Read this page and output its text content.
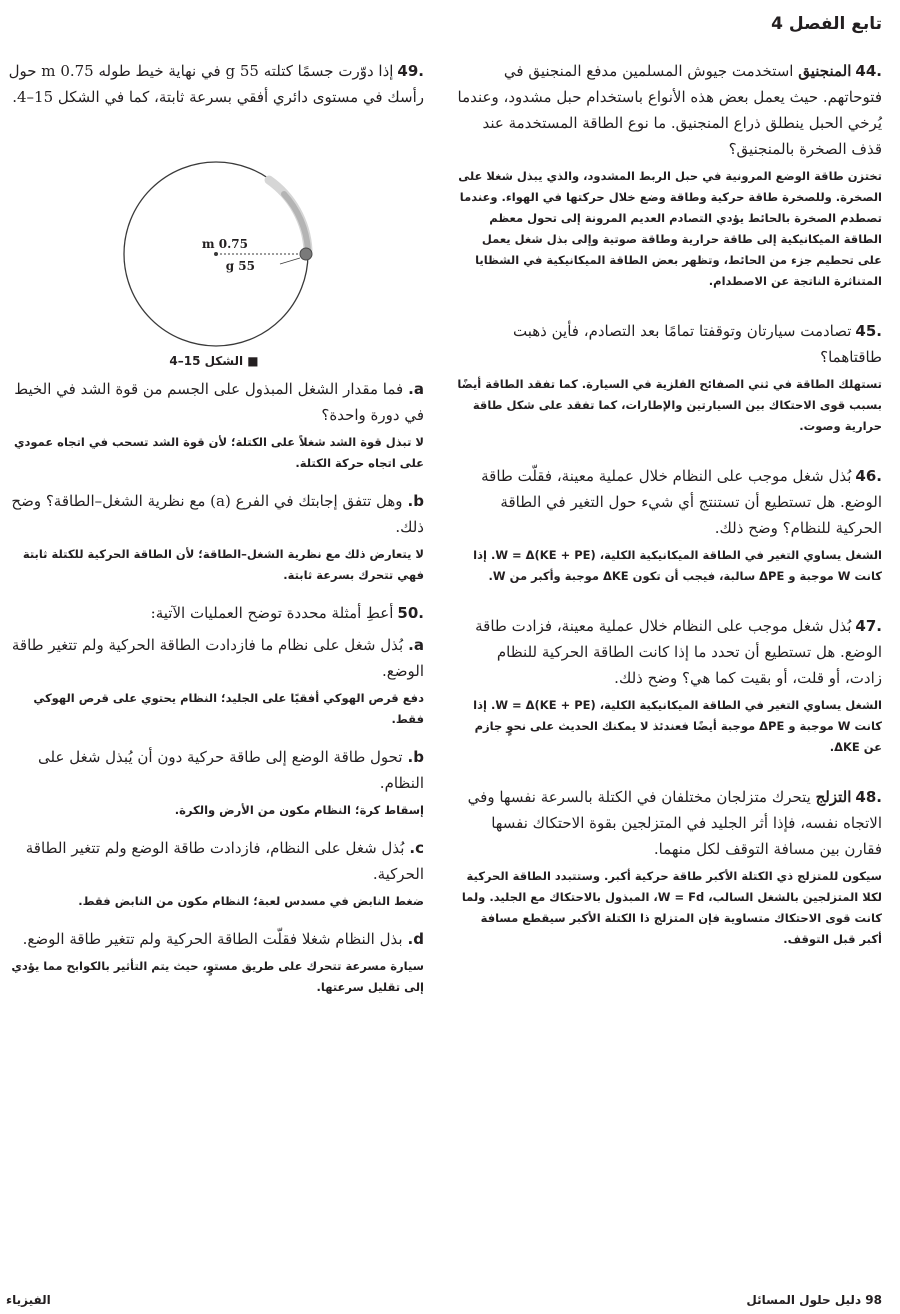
تابع الفصل 4

44.المنجنيق استخدمت جيوش المسلمين مدفع المنجنيق في فتوحاتهم. حيث يعمل بعض هذه الأنواع باستخدام حبل مشدود، وعندما يُرخي الحبل ينطلق ذراع المنجنيق. ما نوع الطاقة المستخدمة عند قذف الصخرة بالمنجنيق؟

تختزن طاقة الوضع المرونية في حبل الربط المشدود، والذي يبذل شغلا على الصخرة. وللصخرة طاقة حركية وطاقة وضع خلال حركتها في الهواء. وعندما تصطدم الصخرة بالحائط يؤدي التصادم العديم المرونة إلى تحول معظم الطاقة الميكانيكية إلى طاقة حرارية وطاقة صوتية وإلى بذل شغل يعمل على تحطيم جزء من الحائط، وتظهر بعض الطاقة الميكانيكية في الشظايا المتناثرة الناتجة عن الاصطدام.

45.تصادمت سيارتان وتوقفتا تمامًا بعد التصادم، فأين ذهبت طاقتاهما؟

تستهلك الطاقة في ثني الصفائح الفلزية في السيارة. كما تفقد الطاقة أيضًا بسبب قوى الاحتكاك بين السيارتين والإطارات، كما تفقد على شكل طاقة حرارية وصوت.

46.بُذل شغل موجب على النظام خلال عملية معينة، فقلّت طاقة الوضع. هل تستطيع أن تستنتج أي شيء حول التغير في الطاقة الحركية للنظام؟ وضح ذلك.

الشغل يساوي التغير في الطاقة الميكانيكية الكلية، W = Δ(KE + PE). إذا كانت W موجبة و ΔPE سالبة، فيجب أن تكون ΔKE موجبة وأكبر من W.

47.بُذل شغل موجب على النظام خلال عملية معينة، فزادت طاقة الوضع. هل تستطيع أن تحدد ما إذا كانت الطاقة الحركية للنظام زادت، أو قلت، أو بقيت كما هي؟ وضح ذلك.

الشغل يساوي التغير في الطاقة الميكانيكية الكلية، W = Δ(KE + PE). إذا كانت W موجبة و ΔPE موجبة أيضًا فعندئذ لا يمكنك الحديث على نحوٍ جازم عن ΔKE.

48.التزلج يتحرك متزلجان مختلفان في الكتلة بالسرعة نفسها وفي الاتجاه نفسه، فإذا أثر الجليد في المتزلجين بقوة الاحتكاك نفسها فقارن بين مسافة التوقف لكل منهما.

سيكون للمتزلج ذي الكتلة الأكبر طاقة حركية أكبر. وستتبدد الطاقة الحركية لكلا المتزلجين بالشغل السالب، W = Fd، المبذول بالاحتكاك مع الجليد. ولما كانت قوى الاحتكاك متساوية فإن المتزلج ذا الكتلة الأكبر سيقطع مسافة أكبر قبل التوقف.

49.إذا دوّرت جسمًا كتلته 55 g في نهاية خيط طوله 0.75 m حول رأسك في مستوى دائري أفقي بسرعة ثابتة، كما في الشكل 15–4.

0.75 m
55 g
■ الشكل 15–4

a.فما مقدار الشغل المبذول على الجسم من قوة الشد في الخيط في دورة واحدة؟

لا تبذل قوة الشد شغلاً على الكتلة؛ لأن قوة الشد تسحب في اتجاه عمودي على اتجاه حركة الكتلة.

b.وهل تتفق إجابتك في الفرع (a) مع نظرية الشغل–الطاقة؟ وضح ذلك.

لا يتعارض ذلك مع نظرية الشغل–الطاقة؛ لأن الطاقة الحركية للكتلة ثابتة فهي تتحرك بسرعة ثابتة.

50.أعطِ أمثلة محددة توضح العمليات الآتية:

a.بُذل شغل على نظام ما فازدادت الطاقة الحركية ولم تتغير طاقة الوضع.

دفع قرص الهوكي أفقيًا على الجليد؛ النظام يحتوي على قرص الهوكي فقط.

b.تحول طاقة الوضع إلى طاقة حركية دون أن يُبذل شغل على النظام.

إسقاط كرة؛ النظام مكون من الأرض والكرة.

c.بُذل شغل على النظام، فازدادت طاقة الوضع ولم تتغير الطاقة الحركية.

ضغط النابض في مسدس لعبة؛ النظام مكون من النابض فقط.

d.بذل النظام شغلا فقلّت الطاقة الحركية ولم تتغير طاقة الوضع.

سيارة مسرعة تتحرك على طريق مستوٍ، حيث يتم التأثير بالكوابح مما يؤدي إلى تقليل سرعتها.

الفيزياء	98 دليل حلول المسائل
